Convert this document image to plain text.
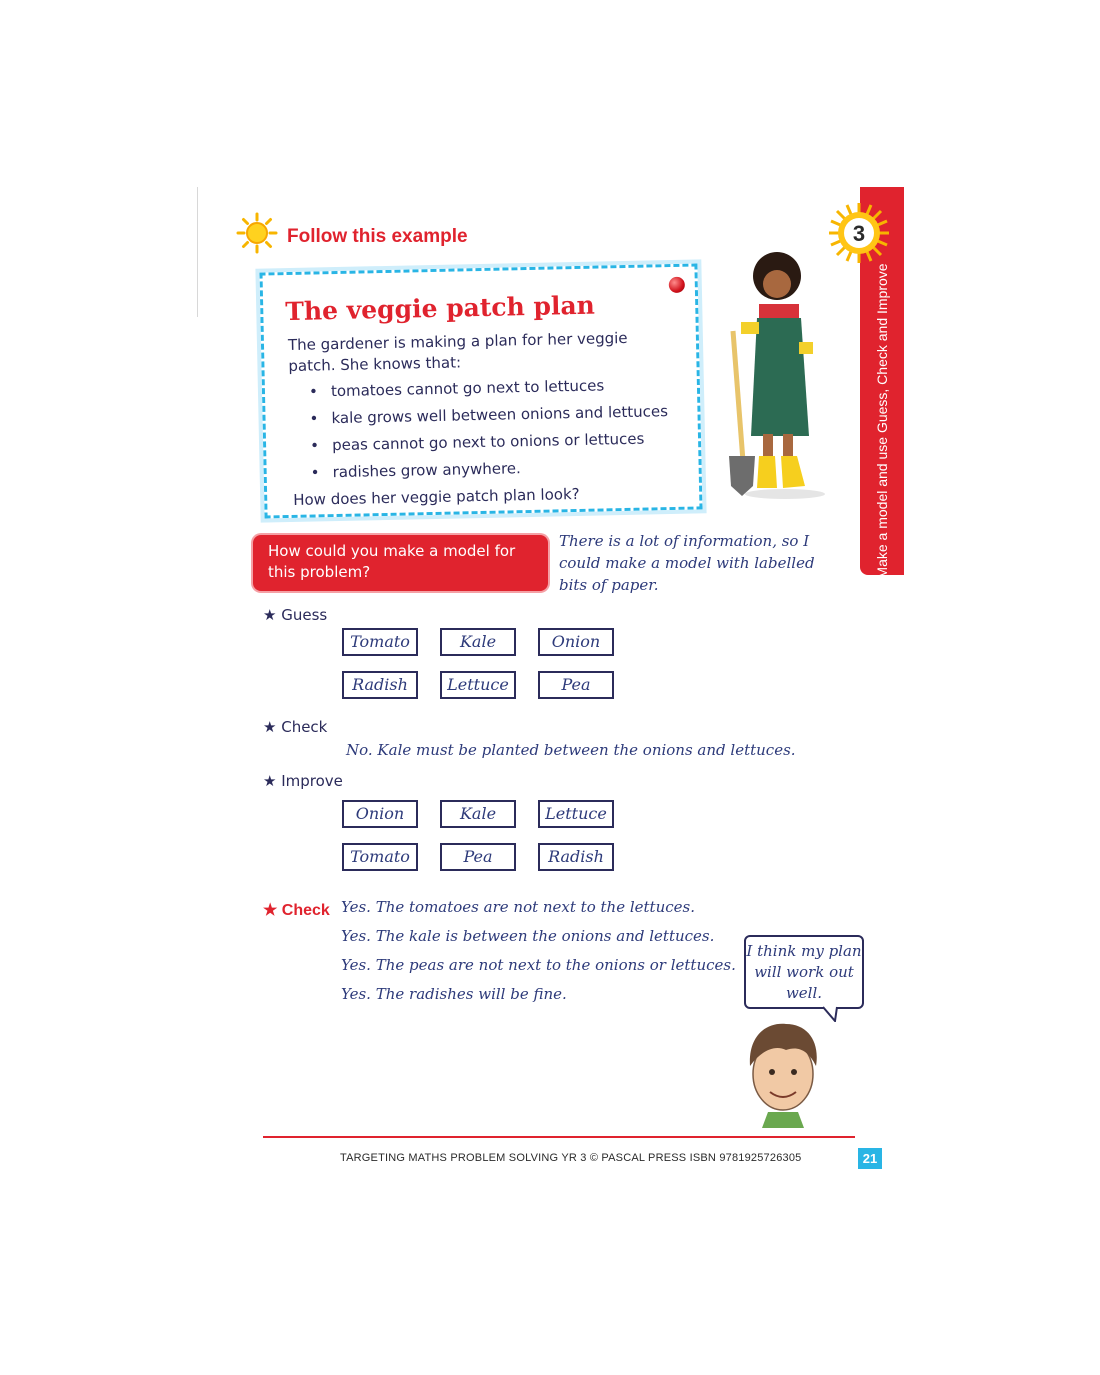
Follow this example
The veggie patch plan
The gardener is making a plan for her veggie patch. She knows that:
• tomatoes cannot go next to lettuces
• kale grows well between onions and lettuces
• peas cannot go next to onions or lettuces
• radishes grow anywhere.
How does her veggie patch plan look?	Make a model and use Guess, Check and Improve
3
How could you make a model for this problem?
There is a lot of information, so I could make a model with labelled bits of paper.
★ Guess
Tomato	Kale	Onion
Radish	Lettuce	Pea
★ Check
No. Kale must be planted between the onions and lettuces.
★ Improve
Onion	Kale	Lettuce
Tomato	Pea	Radish
★ Check Yes. The tomatoes are not next to the lettuces.
Yes. The kale is between the onions and lettuces.
Yes. The peas are not next to the onions or lettuces.
Yes. The radishes will be fine.
I think my plan will work out well.
TARGETING MATHS PROBLEM SOLVING YR 3 © PASCAL PRESS ISBN 9781925726305	21
